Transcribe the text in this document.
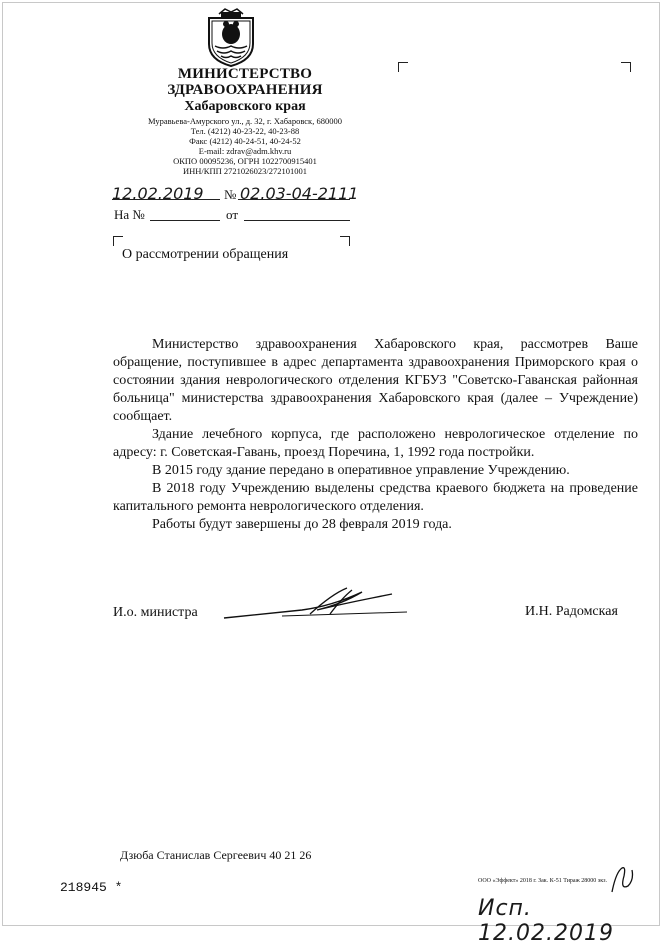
МИНИСТЕРСТВО
ЗДРАВООХРАНЕНИЯ
Хабаровского края
Муравьева-Амурского ул., д. 32, г. Хабаровск, 680000
Тел. (4212) 40-23-22, 40-23-88
Факс (4212) 40-24-51, 40-24-52
E-mail: zdrav@adm.khv.ru
ОКПО 00095236, ОГРН 1022700915401
ИНН/КПП 2721026023/272101001
12.02.2019 № 02.03-04-2111
На №	от
О рассмотрении обращения

Министерство здравоохранения Хабаровского края, рассмотрев Ваше обращение, поступившее в адрес департамента здравоохранения Приморского края о состоянии здания неврологического отделения КГБУЗ "Советско-Гаванская районная больница" министерства здравоохранения Хабаровского края (далее – Учреждение) сообщает.

Здание лечебного корпуса, где расположено неврологическое отделение по адресу: г. Советская-Гавань, проезд Поречина, 1, 1992 года постройки.

В 2015 году здание передано в оперативное управление Учреждению.

В 2018 году Учреждению выделены средства краевого бюджета на проведение капитального ремонта неврологического отделения.

Работы будут завершены до 28 февраля 2019 года.

И.о. министра	И.Н. Радомская
Дзюба Станислав Сергеевич 40 21 26
218945 *	ООО «Эффект» 2018 г. Зак. К-51 Тираж 28000 экз.
Исп. 12.02.2019
